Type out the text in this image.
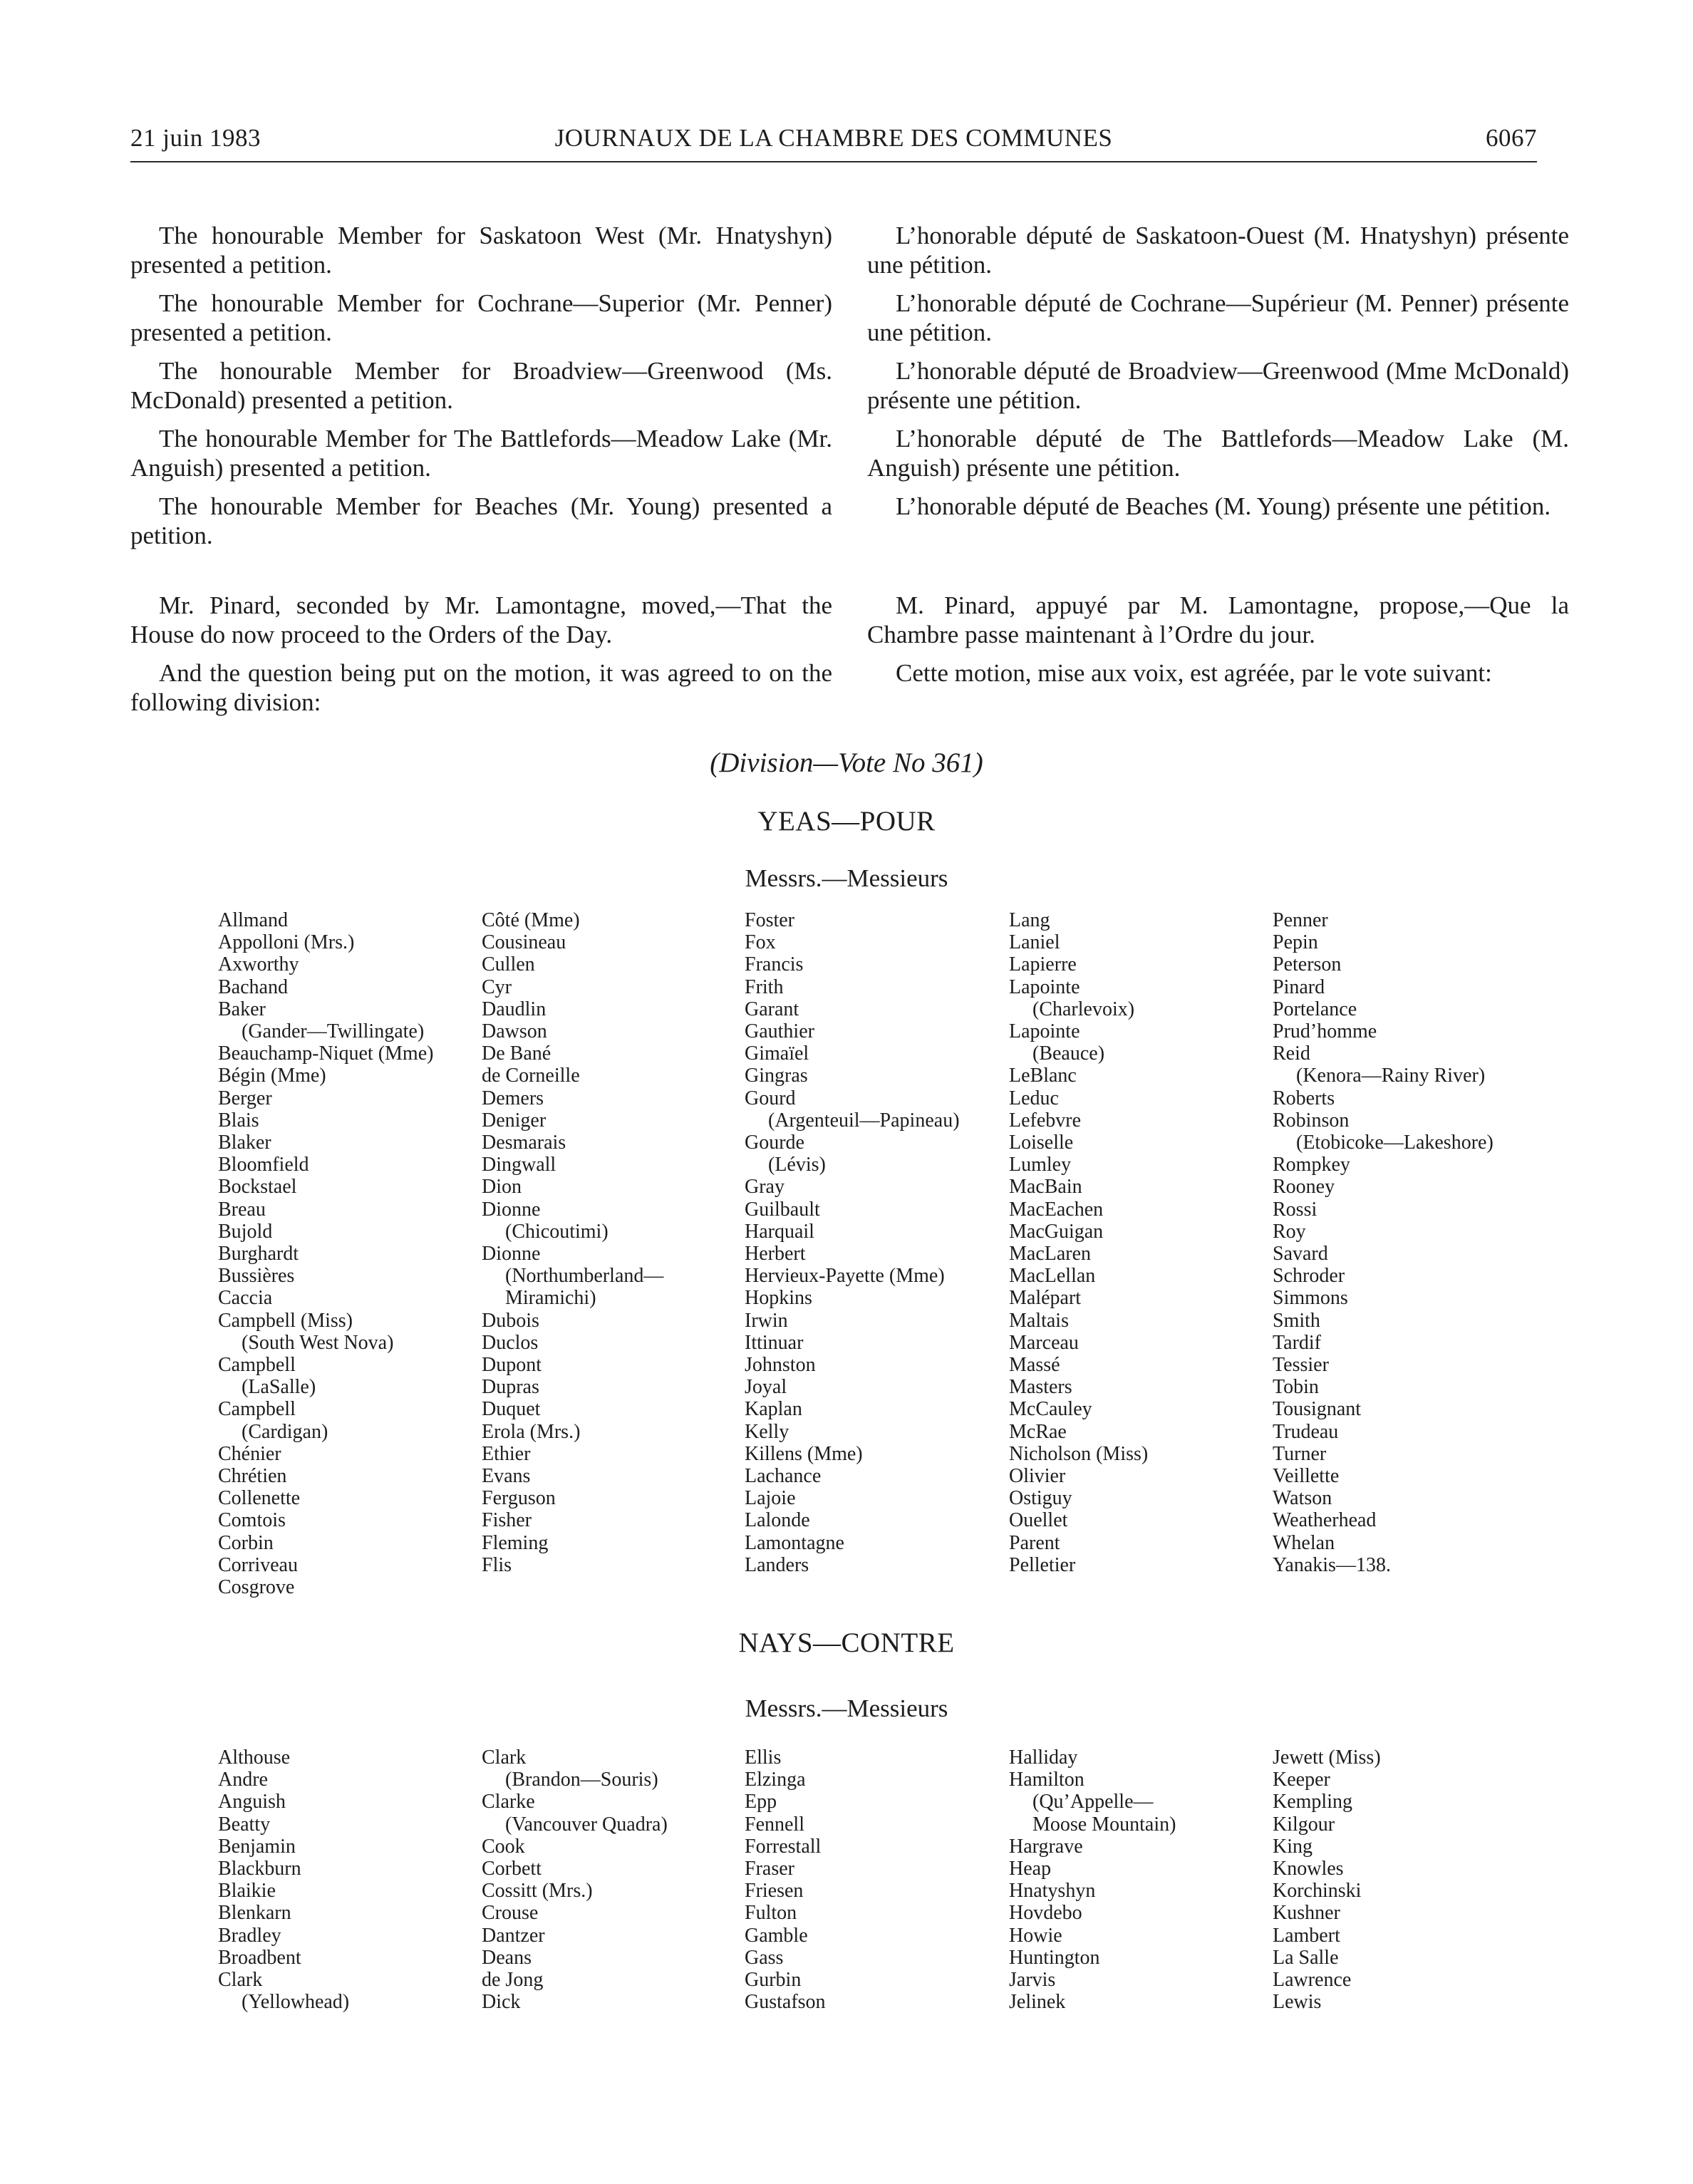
21 juin 1983	JOURNAUX DE LA CHAMBRE DES COMMUNES	6067

The honourable Member for Saskatoon West (Mr. Hnatyshyn) presented a petition.

The honourable Member for Cochrane—Superior (Mr. Penner) presented a petition.

The honourable Member for Broadview—Greenwood (Ms. McDonald) presented a petition.

The honourable Member for The Battlefords—Meadow Lake (Mr. Anguish) presented a petition.

The honourable Member for Beaches (Mr. Young) presented a petition.

L’honorable député de Saskatoon-Ouest (M. Hnatyshyn) présente une pétition.

L’honorable député de Cochrane—Supérieur (M. Penner) présente une pétition.

L’honorable député de Broadview—Greenwood (Mme McDonald) présente une pétition.

L’honorable député de The Battlefords—Meadow Lake (M. Anguish) présente une pétition.

L’honorable député de Beaches (M. Young) présente une pétition.

Mr. Pinard, seconded by Mr. Lamontagne, moved,—That the House do now proceed to the Orders of the Day.

And the question being put on the motion, it was agreed to on the following division:

M. Pinard, appuyé par M. Lamontagne, propose,—Que la Chambre passe maintenant à l’Ordre du jour.

Cette motion, mise aux voix, est agréée, par le vote suivant:

(Division—Vote No 361)
YEAS—POUR
Messrs.—Messieurs
Allmand
Appolloni (Mrs.)
Axworthy
Bachand
Baker
(Gander—Twillingate)
Beauchamp-Niquet (Mme)
Bégin (Mme)
Berger
Blais
Blaker
Bloomfield
Bockstael
Breau
Bujold
Burghardt
Bussières
Caccia
Campbell (Miss)
(South West Nova)
Campbell
(LaSalle)
Campbell
(Cardigan)
Chénier
Chrétien
Collenette
Comtois
Corbin
Corriveau
Cosgrove
Côté (Mme)
Cousineau
Cullen
Cyr
Daudlin
Dawson
De Bané
de Corneille
Demers
Deniger
Desmarais
Dingwall
Dion
Dionne
(Chicoutimi)
Dionne
(Northumberland—
Miramichi)
Dubois
Duclos
Dupont
Dupras
Duquet
Erola (Mrs.)
Ethier
Evans
Ferguson
Fisher
Fleming
Flis
Foster
Fox
Francis
Frith
Garant
Gauthier
Gimaïel
Gingras
Gourd
(Argenteuil—Papineau)
Gourde
(Lévis)
Gray
Guilbault
Harquail
Herbert
Hervieux-Payette (Mme)
Hopkins
Irwin
Ittinuar
Johnston
Joyal
Kaplan
Kelly
Killens (Mme)
Lachance
Lajoie
Lalonde
Lamontagne
Landers
Lang
Laniel
Lapierre
Lapointe
(Charlevoix)
Lapointe
(Beauce)
LeBlanc
Leduc
Lefebvre
Loiselle
Lumley
MacBain
MacEachen
MacGuigan
MacLaren
MacLellan
Malépart
Maltais
Marceau
Massé
Masters
McCauley
McRae
Nicholson (Miss)
Olivier
Ostiguy
Ouellet
Parent
Pelletier
Penner
Pepin
Peterson
Pinard
Portelance
Prud’homme
Reid
(Kenora—Rainy River)
Roberts
Robinson
(Etobicoke—Lakeshore)
Rompkey
Rooney
Rossi
Roy
Savard
Schroder
Simmons
Smith
Tardif
Tessier
Tobin
Tousignant
Trudeau
Turner
Veillette
Watson
Weatherhead
Whelan
Yanakis—138.
NAYS—CONTRE
Messrs.—Messieurs
Althouse
Andre
Anguish
Beatty
Benjamin
Blackburn
Blaikie
Blenkarn
Bradley
Broadbent
Clark
(Yellowhead)
Clark
(Brandon—Souris)
Clarke
(Vancouver Quadra)
Cook
Corbett
Cossitt (Mrs.)
Crouse
Dantzer
Deans
de Jong
Dick
Ellis
Elzinga
Epp
Fennell
Forrestall
Fraser
Friesen
Fulton
Gamble
Gass
Gurbin
Gustafson
Halliday
Hamilton
(Qu’Appelle—
Moose Mountain)
Hargrave
Heap
Hnatyshyn
Hovdebo
Howie
Huntington
Jarvis
Jelinek
Jewett (Miss)
Keeper
Kempling
Kilgour
King
Knowles
Korchinski
Kushner
Lambert
La Salle
Lawrence
Lewis
